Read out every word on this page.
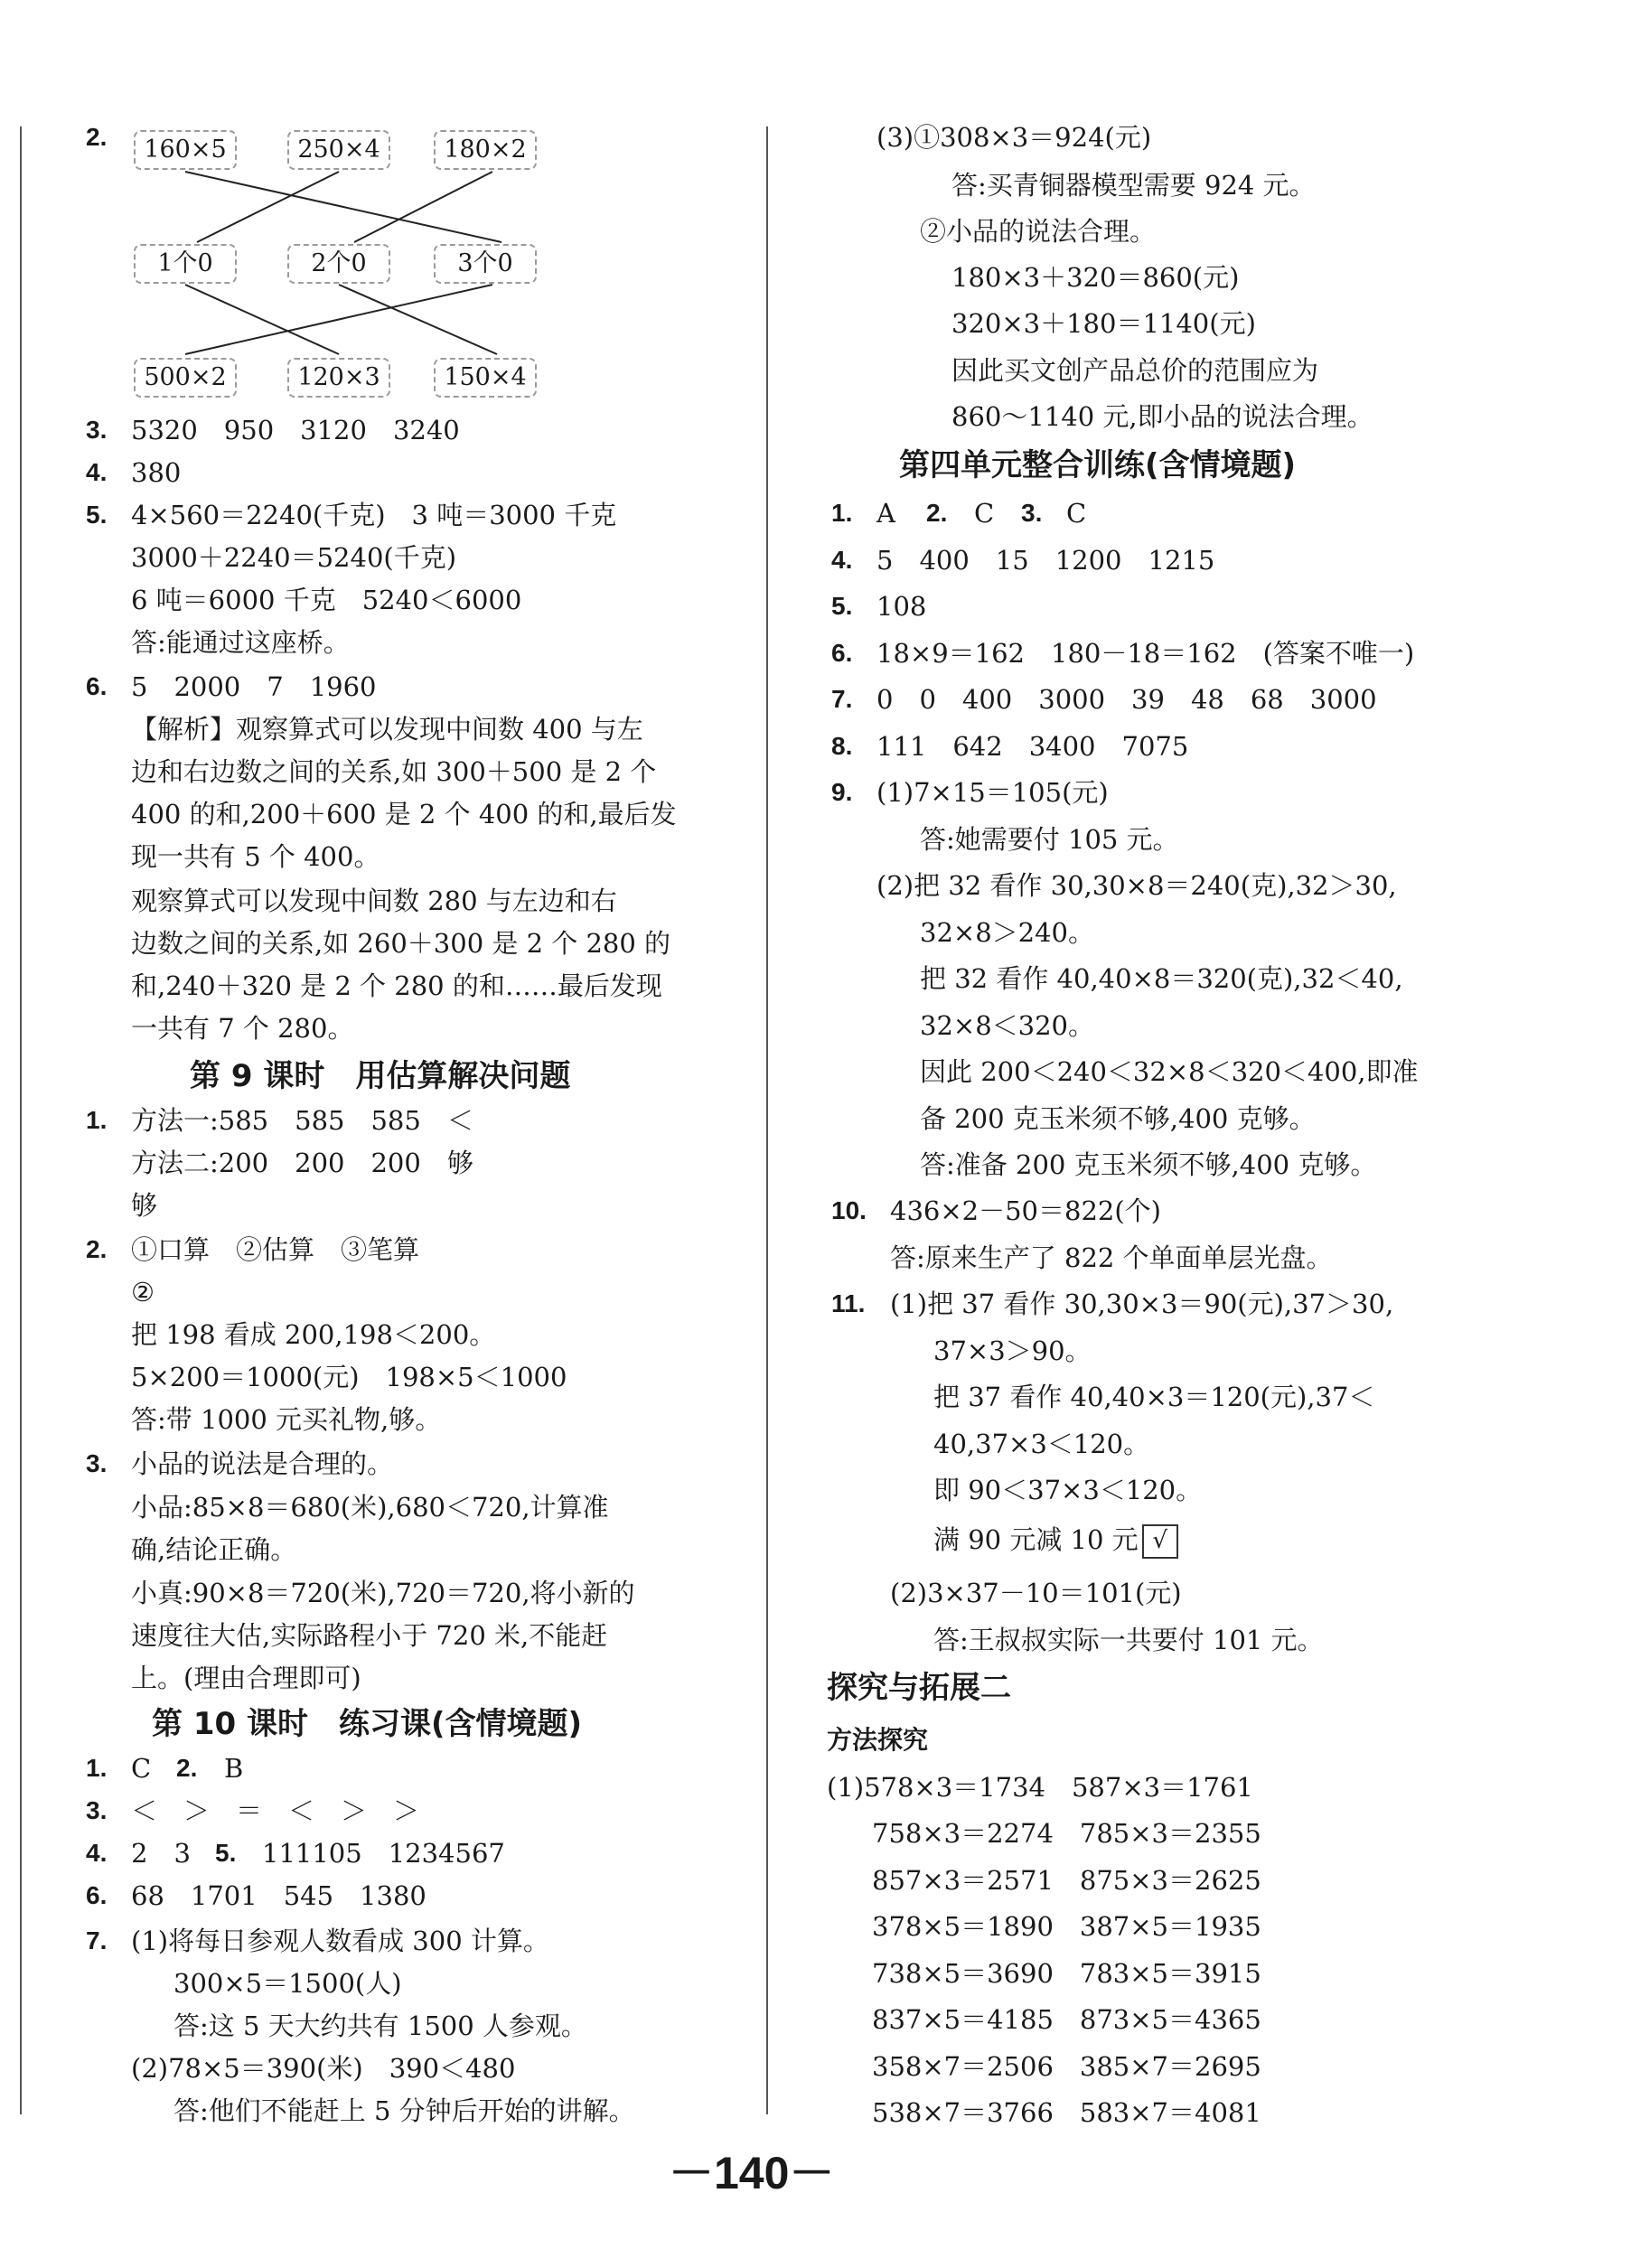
2.	160×5	250×4	180×2
1个0	2个0	3个0
500×2	120×3	150×4
3. 5320　950　3120　3240
4. 380
5. 4×560＝2240(千克)　3 吨＝3000 千克
3000＋2240＝5240(千克)
6 吨＝6000 千克　5240＜6000
答:能通过这座桥。
6. 5　2000　7　1960
【解析】观察算式可以发现中间数 400 与左
边和右边数之间的关系,如 300＋500 是 2 个
400 的和,200＋600 是 2 个 400 的和,最后发
现一共有 5 个 400。
观察算式可以发现中间数 280 与左边和右
边数之间的关系,如 260＋300 是 2 个 280 的
和,240＋320 是 2 个 280 的和……最后发现
一共有 7 个 280。
第 9 课时　用估算解决问题
1. 方法一:585　585　585　＜
方法二:200　200　200　够
够
2. ①口算　②估算　③笔算
②
把 198 看成 200,198＜200。
5×200＝1000(元)　198×5＜1000
答:带 1000 元买礼物,够。
3. 小品的说法是合理的。
小品:85×8＝680(米),680＜720,计算准
确,结论正确。
小真:90×8＝720(米),720＝720,将小新的
速度往大估,实际路程小于 720 米,不能赶
上。(理由合理即可)
第 10 课时　练习课(含情境题)
1. C 2. B
3. ＜　＞　＝　＜　＞　＞
4. 2　3 5. 111105　1234567
6. 68　1701　545　1380
7. (1)将每日参观人数看成 300 计算。
300×5＝1500(人)
答:这 5 天大约共有 1500 人参观。
(2)78×5＝390(米)　390＜480
答:他们不能赶上 5 分钟后开始的讲解。
(3)①308×3＝924(元)
答:买青铜器模型需要 924 元。
②小品的说法合理。
180×3＋320＝860(元)
320×3＋180＝1140(元)
因此买文创产品总价的范围应为
860～1140 元,即小品的说法合理。
第四单元整合训练(含情境题)
1. A 2. C 3. C
4. 5　400　15　1200　1215
5. 108
6. 18×9＝162　180－18＝162　(答案不唯一)
7. 0　0　400　3000　39　48　68　3000
8. 111　642　3400　7075
9. (1)7×15＝105(元)
答:她需要付 105 元。
(2)把 32 看作 30,30×8＝240(克),32＞30,
32×8＞240。
把 32 看作 40,40×8＝320(克),32＜40,
32×8＜320。
因此 200＜240＜32×8＜320＜400,即准
备 200 克玉米须不够,400 克够。
答:准备 200 克玉米须不够,400 克够。
10. 436×2－50＝822(个)
答:原来生产了 822 个单面单层光盘。
11. (1)把 37 看作 30,30×3＝90(元),37＞30,
37×3＞90。
把 37 看作 40,40×3＝120(元),37＜
40,37×3＜120。
即 90＜37×3＜120。
满 90 元减 10 元 √
(2)3×37－10＝101(元)
答:王叔叔实际一共要付 101 元。
探究与拓展二
方法探究
(1)578×3＝1734　587×3＝1761
758×3＝2274　785×3＝2355
857×3＝2571　875×3＝2625
378×5＝1890　387×5＝1935
738×5＝3690　783×5＝3915
837×5＝4185　873×5＝4365
358×7＝2506　385×7＝2695
538×7＝3766　583×7＝4081
－140－
